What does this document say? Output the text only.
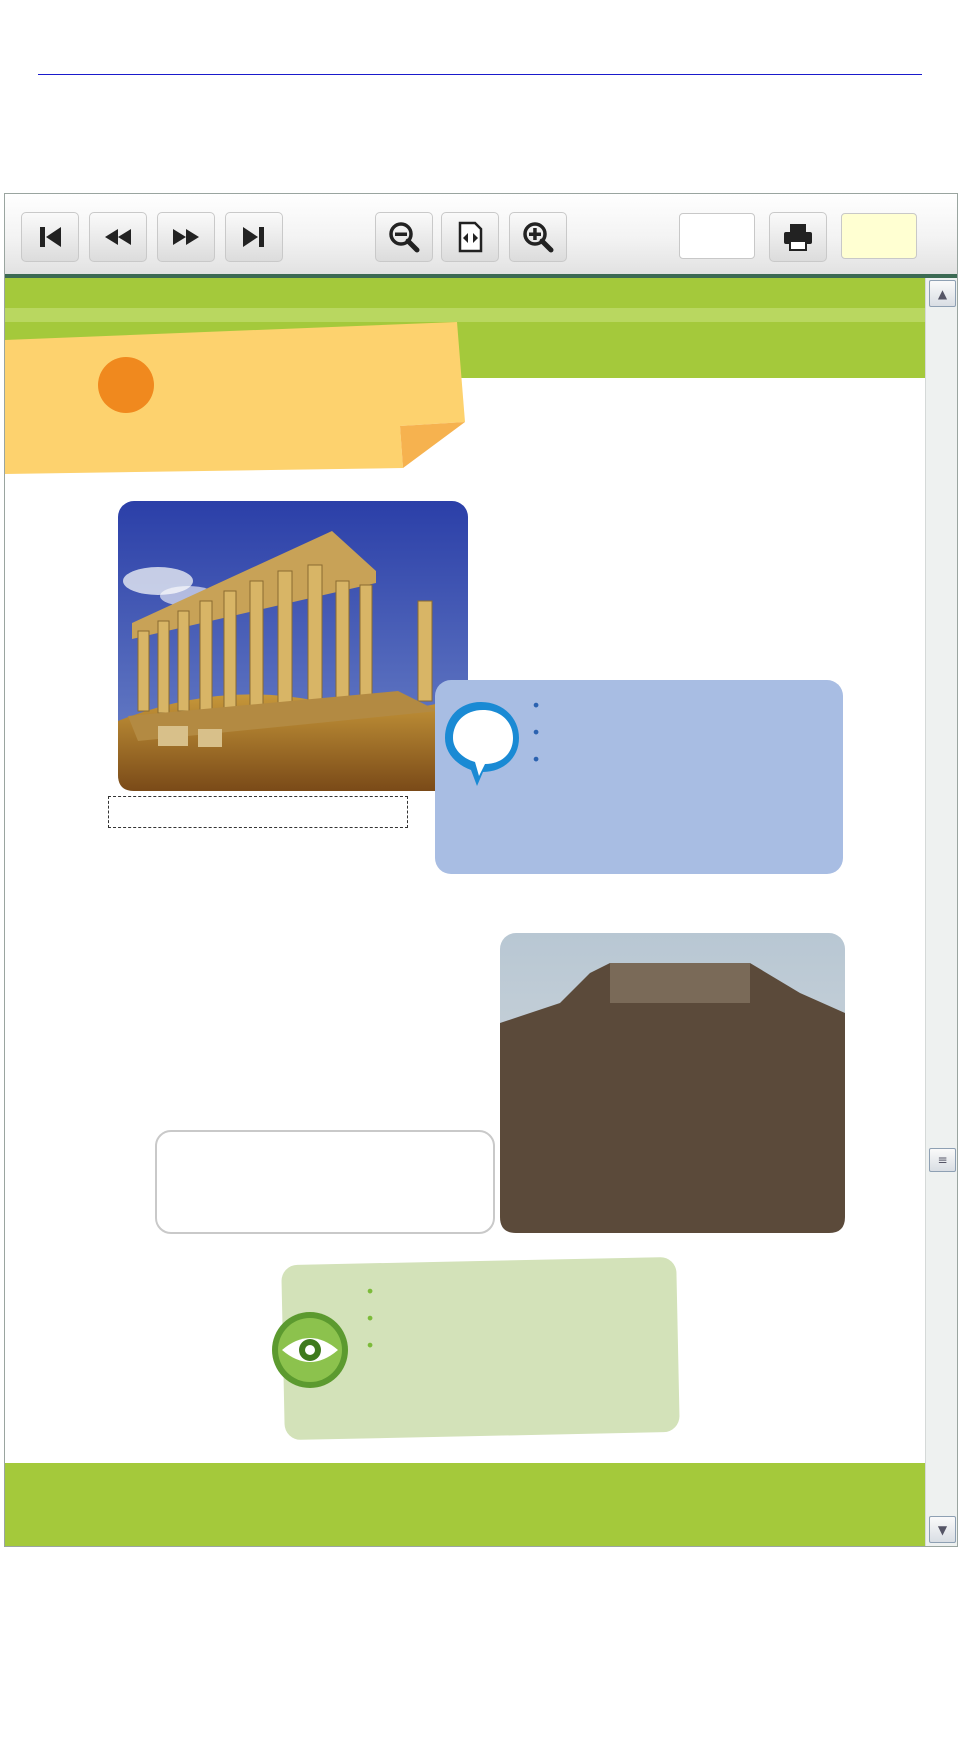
•
•
•
•
•
•
▲
≡
▼
